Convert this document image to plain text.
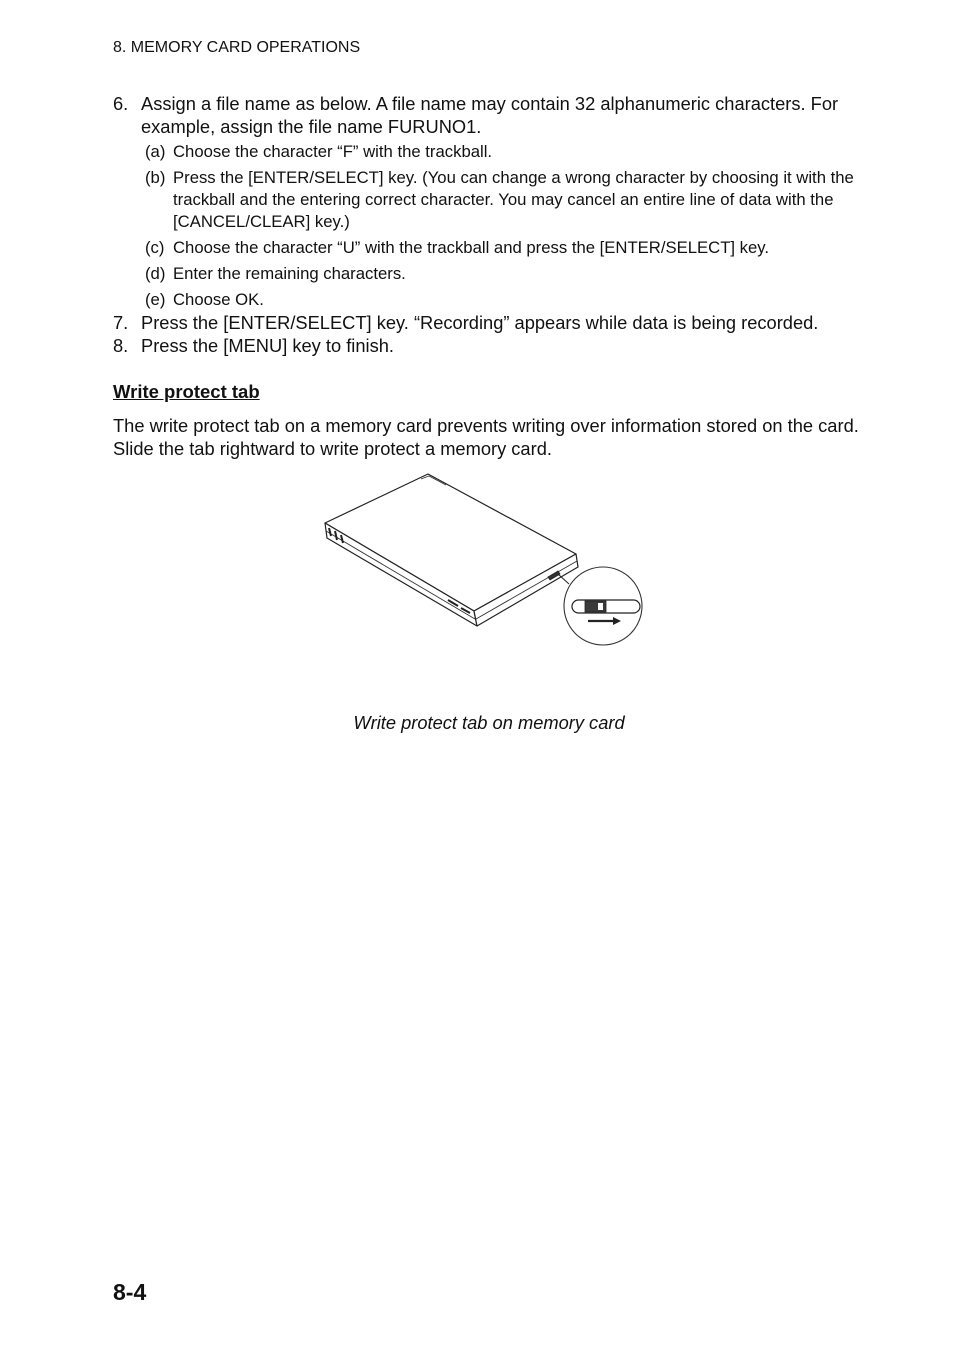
8. MEMORY CARD OPERATIONS
6. Assign a file name as below. A file name may contain 32 alphanumeric characters. For
example, assign the file name FURUNO1.
(a) Choose the character “F” with the trackball.
(b) Press the [ENTER/SELECT] key. (You can change a wrong character by choosing it with the
trackball and the entering correct character. You may cancel an entire line of data with the
[CANCEL/CLEAR] key.)
(c) Choose the character “U” with the trackball and press the [ENTER/SELECT] key.
(d) Enter the remaining characters.
(e) Choose OK.
7. Press the [ENTER/SELECT] key. “Recording” appears while data is being recorded.
8. Press the [MENU] key to finish.
Write protect tab
The write protect tab on a memory card prevents writing over information stored on the card.
Slide the tab rightward to write protect a memory card.
Write protect tab on memory card
8-4
